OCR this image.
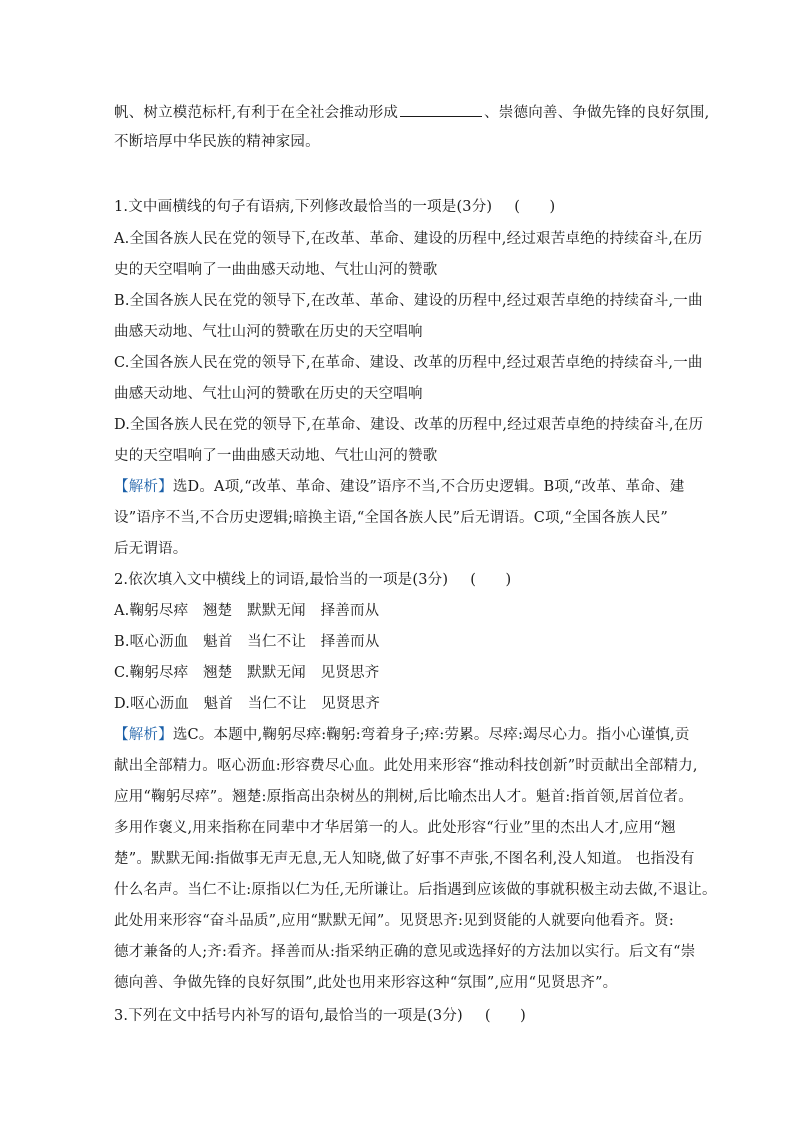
帆、树立模范标杆,有利于在全社会推动形成	、崇德向善、争做先锋的良好氛围,
不断培厚中华民族的精神家园。
1.文中画横线的句子有语病,下列修改最恰当的一项是(3分) (　　)
A.全国各族人民在党的领导下,在改革、革命、建设的历程中,经过艰苦卓绝的持续奋斗,在历
史的天空唱响了一曲曲感天动地、气壮山河的赞歌
B.全国各族人民在党的领导下,在改革、革命、建设的历程中,经过艰苦卓绝的持续奋斗,一曲
曲感天动地、气壮山河的赞歌在历史的天空唱响
C.全国各族人民在党的领导下,在革命、建设、改革的历程中,经过艰苦卓绝的持续奋斗,一曲
曲感天动地、气壮山河的赞歌在历史的天空唱响
D.全国各族人民在党的领导下,在革命、建设、改革的历程中,经过艰苦卓绝的持续奋斗,在历
史的天空唱响了一曲曲感天动地、气壮山河的赞歌
【解析】选D。A项,“改革、革命、建设”语序不当,不合历史逻辑。B项,“改革、革命、建
设”语序不当,不合历史逻辑;暗换主语,“全国各族人民”后无谓语。C项,“全国各族人民”
后无谓语。
2.依次填入文中横线上的词语,最恰当的一项是(3分) (　　)
A.鞠躬尽瘁　翘楚　默默无闻　择善而从
B.呕心沥血　魁首　当仁不让　择善而从
C.鞠躬尽瘁　翘楚　默默无闻　见贤思齐
D.呕心沥血　魁首　当仁不让　见贤思齐
【解析】选C。本题中,鞠躬尽瘁:鞠躬:弯着身子;瘁:劳累。尽瘁:竭尽心力。指小心谨慎,贡
献出全部精力。呕心沥血:形容费尽心血。此处用来形容“推动科技创新”时贡献出全部精力,
应用“鞠躬尽瘁”。翘楚:原指高出杂树丛的荆树,后比喻杰出人才。魁首:指首领,居首位者。
多用作褒义,用来指称在同辈中才华居第一的人。此处形容“行业”里的杰出人才,应用“翘
楚”。默默无闻:指做事无声无息,无人知晓,做了好事不声张,不图名利,没人知道。 也指没有
什么名声。当仁不让:原指以仁为任,无所谦让。后指遇到应该做的事就积极主动去做,不退让。
此处用来形容“奋斗品质”,应用“默默无闻”。见贤思齐:见到贤能的人就要向他看齐。贤:
德才兼备的人;齐:看齐。择善而从:指采纳正确的意见或选择好的方法加以实行。后文有“崇
德向善、争做先锋的良好氛围”,此处也用来形容这种“氛围”,应用“见贤思齐”。
3.下列在文中括号内补写的语句,最恰当的一项是(3分) (　　)
